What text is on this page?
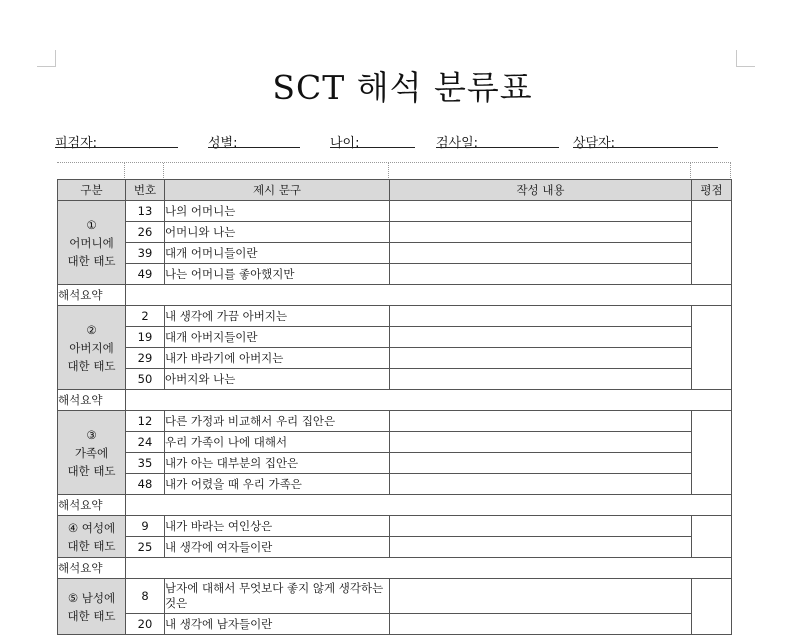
SCT 해석 분류표
피검자:	성별:	나이:	검사일:	상담자:
구분	번호	제시 문구	작성 내용	평점

①
어머니에
대한 태도	13	나의 어머니는		
	26	어머니와 나는		
	39	대개 어머니들이란		
	49	나는 어머니를 좋아했지만		
해석요약				

②
아버지에
대한 태도	2	내 생각에 가끔 아버지는		
	19	대개 아버지들이란		
	29	내가 바라기에 아버지는		
	50	아버지와 나는		
해석요약				

③
가족에
대한 태도	12	다른 가정과 비교해서 우리 집안은		
	24	우리 가족이 나에 대해서		
	35	내가 아는 대부분의 집안은		
	48	내가 어렸을 때 우리 가족은		
해석요약				

④ 여성에
대한 태도	9	내가 바라는 여인상은		
	25	내 생각에 여자들이란		
해석요약				

⑤ 남성에
대한 태도	8	남자에 대해서 무엇보다 좋지 않게 생각하는 것은		
	20	내 생각에 남자들이란		
